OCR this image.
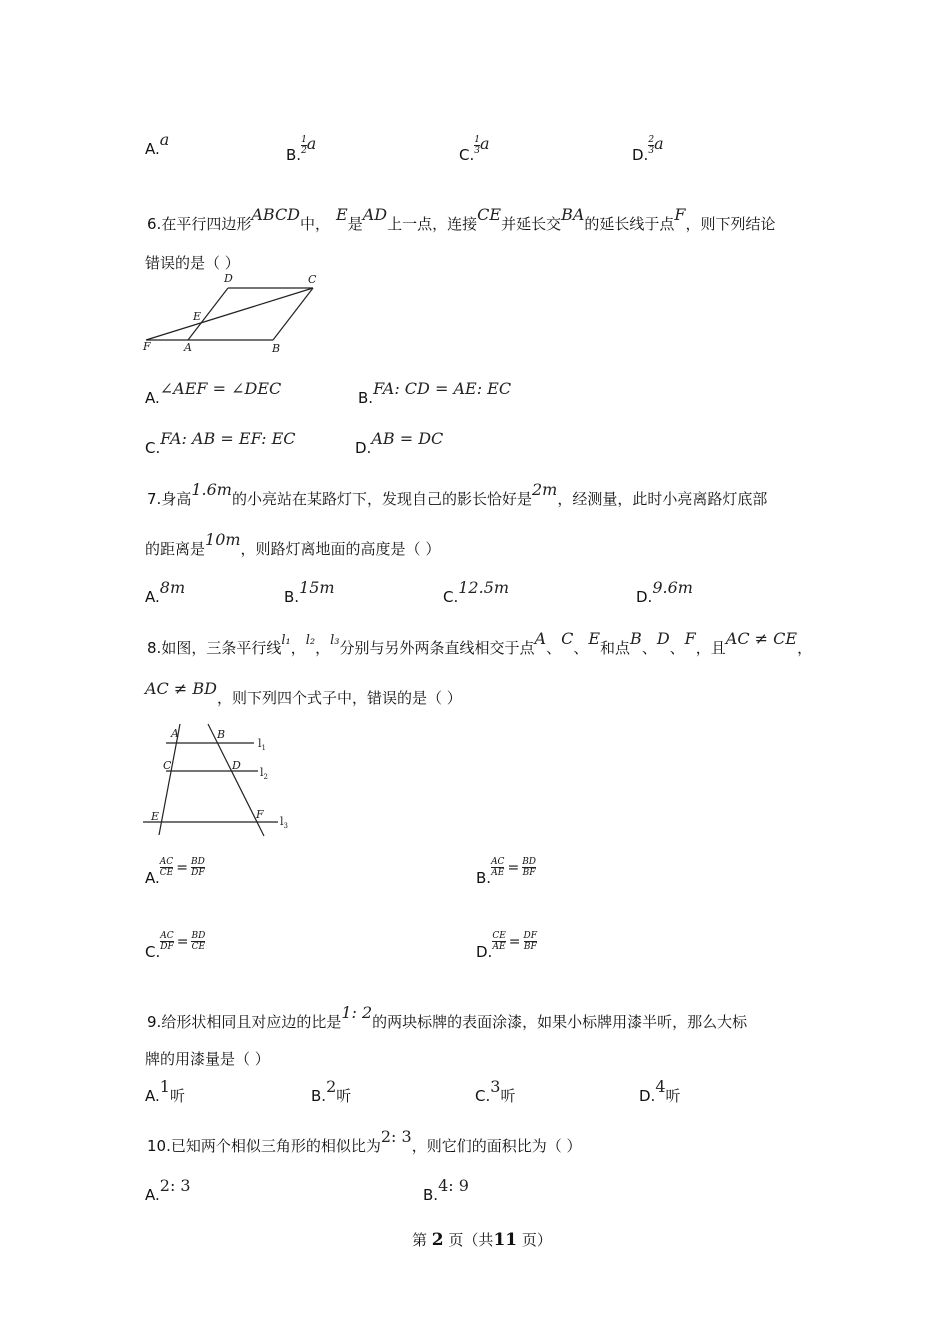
A.a
B. $\frac{1}{2}$ a
C. $\frac{1}{3}$ a
D. $\frac{2}{3}$ a
6.在平行四边形ABCD中， E是AD上一点，连接CE并延长交BA的延长线于点F，则下列结论
错误的是（ ）
D	C
E
F	A	B
A.∠AEF = ∠DEC	B.FA: CD = AE: EC
C.FA: AB = EF: EC	D.AB = DC
7.身高1.6m的小亮站在某路灯下，发现自己的影长恰好是2m，经测量，此时小亮离路灯底部
的距离是10m，则路灯离地面的高度是（ ）
A.8m	B.15m	C.12.5m	D.9.6m
8.如图，三条平行线l₁，l₂，l₃分别与另外两条直线相交于点A、C、E和点B、D、F，且AC ≠ CE，
AC ≠ BD，则下列四个式子中，错误的是（ ）
A	B
C	D
E	F
$l_1$
$l_2$
$l_3$
A. $\frac{AC}{CE} = \frac{BD}{DF}$	B. $\frac{AC}{AE} = \frac{BD}{BF}$
C. $\frac{AC}{DF} = \frac{BD}{CE}$	D. $\frac{CE}{AE} = \frac{DF}{BF}$
9.给形状相同且对应边的比是1: 2的两块标牌的表面涂漆，如果小标牌用漆半听，那么大标
牌的用漆量是（ ）
A.1听	B.2听	C.3听	D.4听
10.已知两个相似三角形的相似比为2: 3，则它们的面积比为（ ）
A.2: 3	B.4: 9
第 2 页（共11 页）
